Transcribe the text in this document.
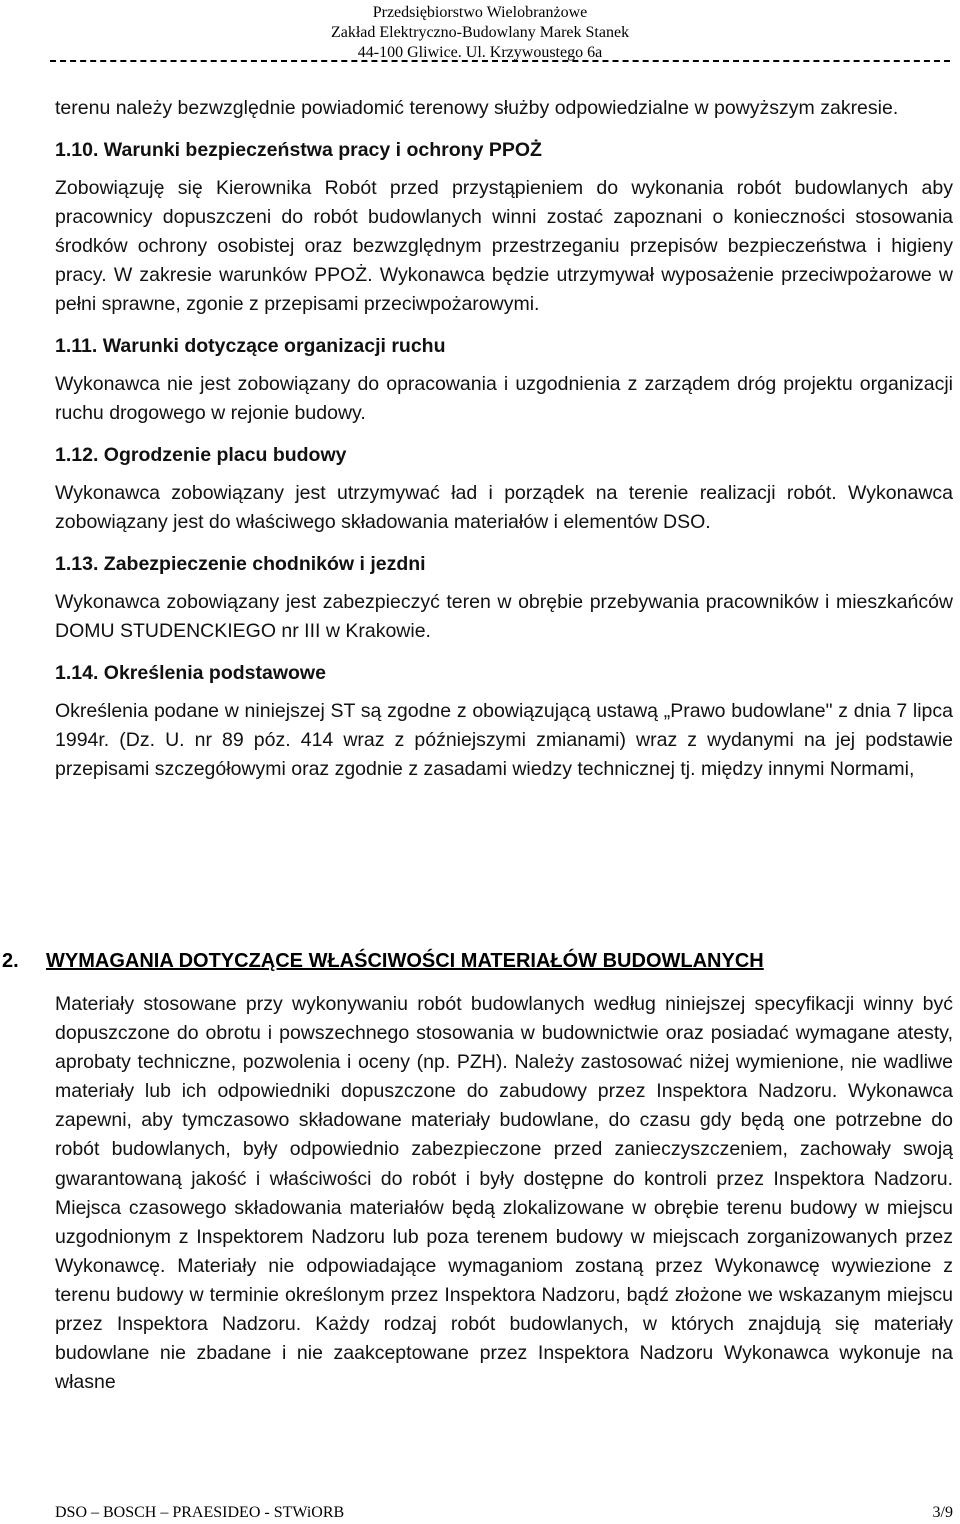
Przedsiębiorstwo Wielobranżowe
Zakład Elektryczno-Budowlany Marek Stanek
44-100 Gliwice. Ul. Krzywoustego 6a

terenu należy bezwzględnie powiadomić terenowy służby odpowiedzialne w powyższym zakresie.

1.10. Warunki bezpieczeństwa pracy i ochrony PPOŻ

Zobowiązuję się Kierownika Robót przed przystąpieniem do wykonania robót budowlanych aby pracownicy dopuszczeni do robót budowlanych winni zostać zapoznani o konieczności stosowania środków ochrony osobistej oraz bezwzględnym przestrzeganiu przepisów bezpieczeństwa i higieny pracy. W zakresie warunków PPOŻ. Wykonawca będzie utrzymywał wyposażenie przeciwpożarowe w pełni sprawne, zgonie z przepisami przeciwpożarowymi.

1.11. Warunki dotyczące organizacji ruchu

Wykonawca nie jest zobowiązany do opracowania i uzgodnienia z zarządem dróg projektu organizacji ruchu drogowego w rejonie budowy.

1.12. Ogrodzenie placu budowy

Wykonawca zobowiązany jest utrzymywać ład i porządek na terenie realizacji robót. Wykonawca zobowiązany jest do właściwego składowania materiałów i elementów DSO.

1.13. Zabezpieczenie chodników i jezdni

Wykonawca zobowiązany jest zabezpieczyć teren w obrębie przebywania pracowników i mieszkańców DOMU STUDENCKIEGO nr III w Krakowie.

1.14. Określenia podstawowe

Określenia podane w niniejszej ST są zgodne z obowiązującą ustawą „Prawo budowlane" z dnia 7 lipca 1994r. (Dz. U. nr 89 póz. 414 wraz z późniejszymi zmianami) wraz z wydanymi na jej podstawie przepisami szczegółowymi oraz zgodnie z zasadami wiedzy technicznej tj. między innymi Normami,

2. WYMAGANIA DOTYCZĄCE WŁAŚCIWOŚCI MATERIAŁÓW BUDOWLANYCH

Materiały stosowane przy wykonywaniu robót budowlanych według niniejszej specyfikacji winny być dopuszczone do obrotu i powszechnego stosowania w budownictwie oraz posiadać wymagane atesty, aprobaty techniczne, pozwolenia i oceny (np. PZH). Należy zastosować niżej wymienione, nie wadliwe materiały lub ich odpowiedniki dopuszczone do zabudowy przez Inspektora Nadzoru. Wykonawca zapewni, aby tymczasowo składowane materiały budowlane, do czasu gdy będą one potrzebne do robót budowlanych, były odpowiednio zabezpieczone przed zanieczyszczeniem, zachowały swoją gwarantowaną jakość i właściwości do robót i były dostępne do kontroli przez Inspektora Nadzoru. Miejsca czasowego składowania materiałów będą zlokalizowane w obrębie terenu budowy w miejscu uzgodnionym z Inspektorem Nadzoru lub poza terenem budowy w miejscach zorganizowanych przez Wykonawcę. Materiały nie odpowiadające wymaganiom zostaną przez Wykonawcę wywiezione z terenu budowy w terminie określonym przez Inspektora Nadzoru, bądź złożone we wskazanym miejscu przez Inspektora Nadzoru. Każdy rodzaj robót budowlanych, w których znajdują się materiały budowlane nie zbadane i nie zaakceptowane przez Inspektora Nadzoru Wykonawca wykonuje na własne

DSO – BOSCH – PRAESIDEO - STWiORB	3/9
